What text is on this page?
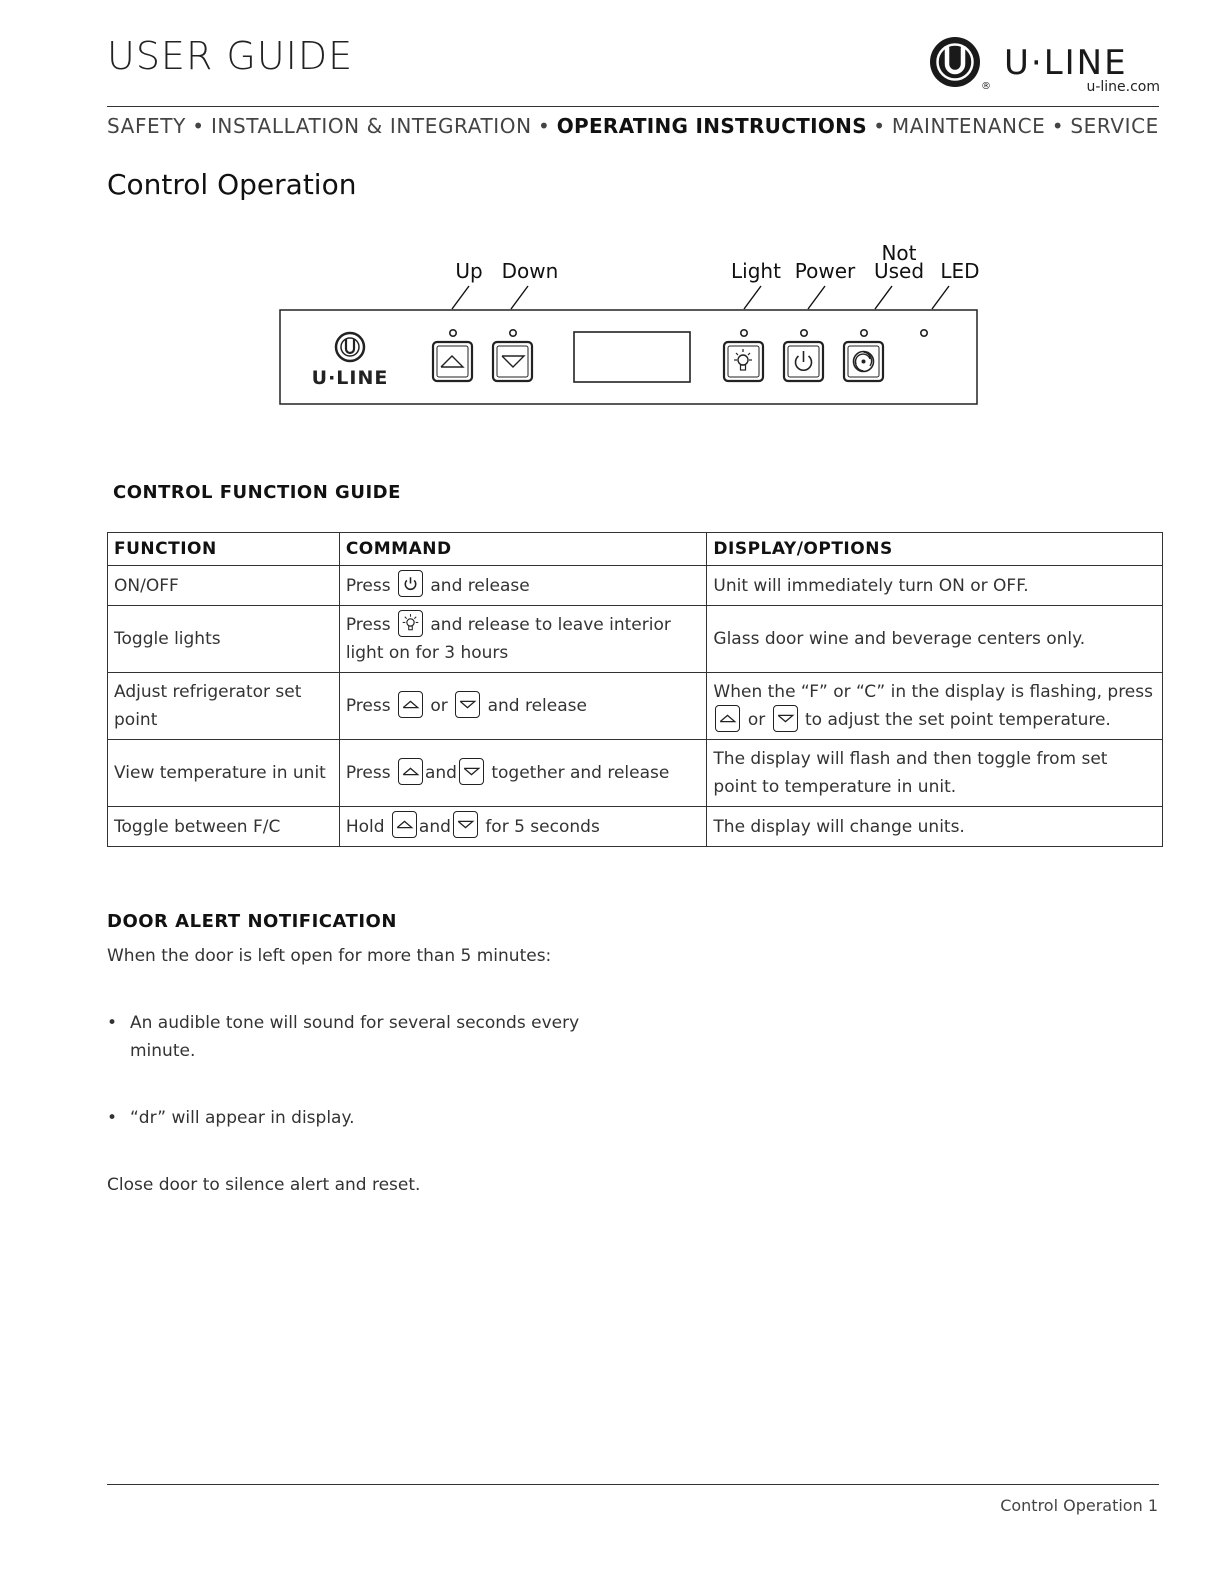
USER GUIDE
®
U·LINE
u-line.com
SAFETY • INSTALLATION & INTEGRATION • OPERATING INSTRUCTIONS • MAINTENANCE • SERVICE
Control Operation
Up Down	Light Power
Not
Used LED
U·LINE
CONTROL FUNCTION GUIDE
FUNCTION	COMMAND	DISPLAY/OPTIONS
ON/OFF	Press and release	Unit will immediately turn ON or OFF.
Toggle lights	Press and release to leave interior light on for 3 hours	Glass door wine and beverage centers only.
Adjust refrigerator set point	Press or and release	When the “F” or “C” in the display is flashing, press
or to adjust the set point temperature.
View temperature in unit	Press and together and release	The display will flash and then toggle from set point to temperature in unit.
Toggle between F/C	Hold and for 5 seconds	The display will change units.
DOOR ALERT NOTIFICATION
When the door is left open for more than 5 minutes:
• An audible tone will sound for several seconds every minute.
• “dr” will appear in display.
Close door to silence alert and reset.
Control Operation 1
